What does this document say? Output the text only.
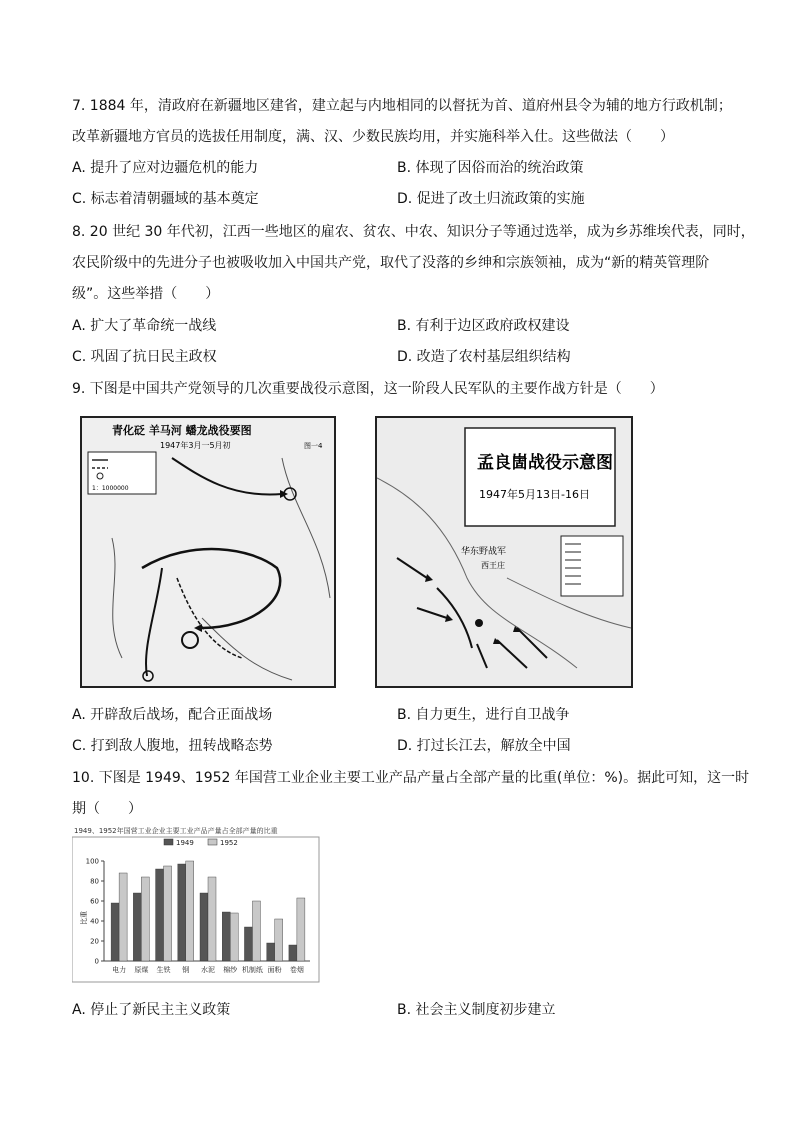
7. 1884 年，清政府在新疆地区建省，建立起与内地相同的以督抚为首、道府州县令为辅的地方行政机制；
改革新疆地方官员的选拔任用制度，满、汉、少数民族均用，并实施科举入仕。这些做法（　　）
A. 提升了应对边疆危机的能力	B. 体现了因俗而治的统治政策
C. 标志着清朝疆域的基本奠定	D. 促进了改土归流政策的实施
8. 20 世纪 30 年代初，江西一些地区的雇农、贫农、中农、知识分子等通过选举，成为乡苏维埃代表，同时，
农民阶级中的先进分子也被吸收加入中国共产党，取代了没落的乡绅和宗族领袖，成为“新的精英管理阶
级”。这些举措（　　）
A. 扩大了革命统一战线	B. 有利于边区政府政权建设
C. 巩固了抗日民主政权	D. 改造了农村基层组织结构
9. 下图是中国共产党领导的几次重要战役示意图，这一阶段人民军队的主要作战方针是（　　）
青化砭 羊马河 蟠龙战役要图
1947年3月一5月初	图一4
1：1000000
孟良崮战役示意图
1947年5月13日-16日
华东野战军
西王庄
A. 开辟敌后战场，配合正面战场	B. 自力更生，进行自卫战争
C. 打到敌人腹地，扭转战略态势	D. 打过长江去，解放全中国
10. 下图是 1949、1952 年国营工业企业主要工业产品产量占全部产量的比重(单位：%)。据此可知，这一时
期（　　）
1949、1952年国营工业企业主要工业产品产量占全部产量的比重
比重
0
20
40
60
80
100
1949	1952
电力 原煤 生铁 钢 水泥 棉纱 机制纸 面粉 卷烟
A. 停止了新民主主义政策	B. 社会主义制度初步建立
